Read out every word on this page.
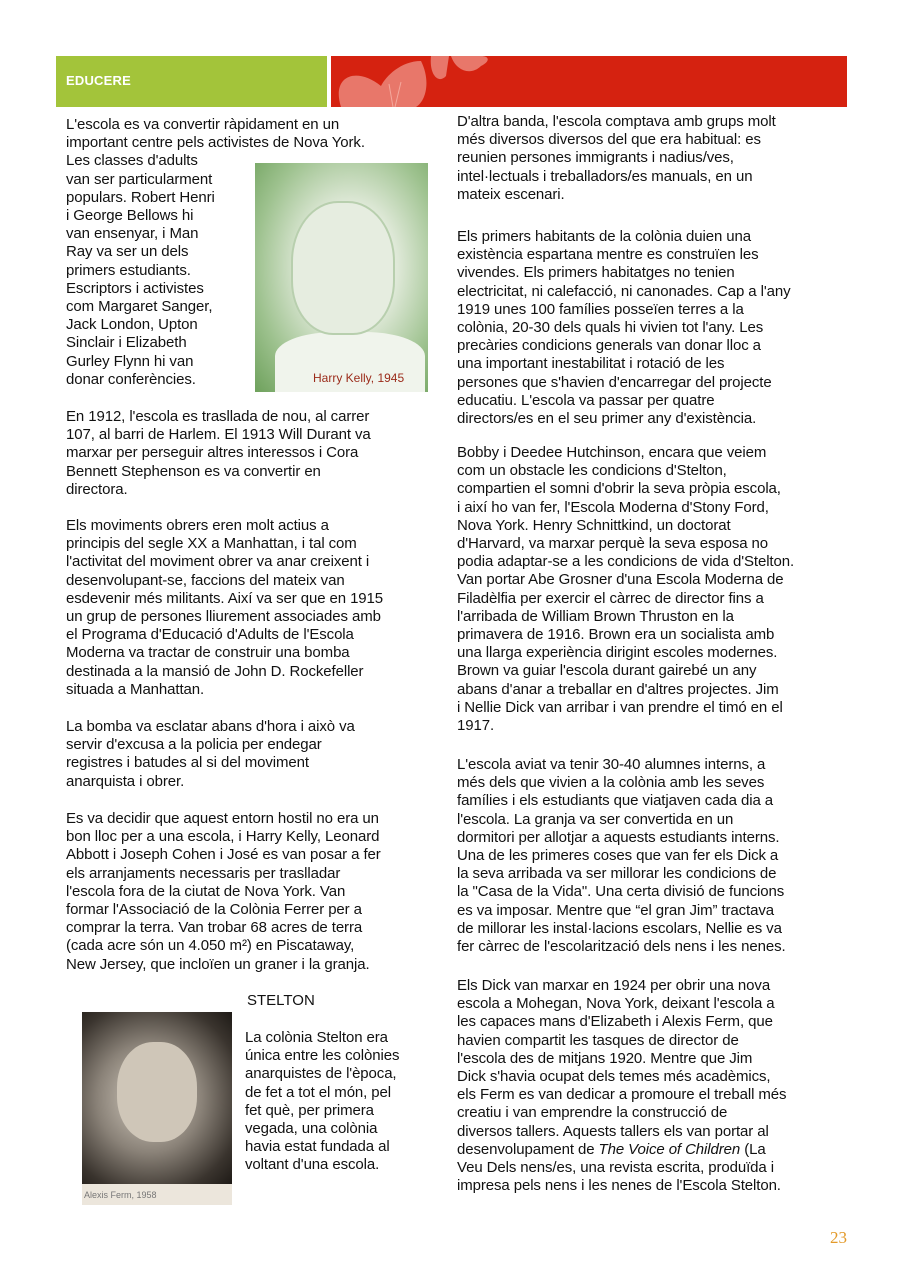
EDUCERE
L'escola es va convertir ràpidament en un
important centre pels activistes de Nova York.
Les classes d'adults
van ser particularment
populars. Robert Henri
i George Bellows hi
van ensenyar, i Man
Ray va ser un dels
primers estudiants.
Escriptors i activistes
com Margaret Sanger,
Jack London, Upton
Sinclair i Elizabeth
Gurley Flynn hi van
donar conferències.	Harry Kelly, 1945
En 1912, l'escola es trasllada de nou, al carrer
107, al barri de Harlem. El 1913 Will Durant va
marxar per perseguir altres interessos i Cora
Bennett Stephenson es va convertir en
directora.
Els moviments obrers eren molt actius a
principis del segle XX a Manhattan, i tal com
l'activitat del moviment obrer va anar creixent i
desenvolupant-se, faccions del mateix van
esdevenir més militants. Així va ser que en 1915
un grup de persones lliurement associades amb
el Programa d'Educació d'Adults de l'Escola
Moderna va tractar de construir una bomba
destinada a la mansió de John D. Rockefeller
situada a Manhattan.
La bomba va esclatar abans d'hora i això va
servir d'excusa a la policia per endegar
registres i batudes al si del moviment
anarquista i obrer.
Es va decidir que aquest entorn hostil no era un
bon lloc per a una escola, i Harry Kelly, Leonard
Abbott i Joseph Cohen i José es van posar a fer
els arranjaments necessaris per traslladar
l'escola fora de la ciutat de Nova York. Van
formar l'Associació de la Colònia Ferrer per a
comprar la terra. Van trobar 68 acres de terra
(cada acre són un 4.050 m²) en Piscataway,
New Jersey, que incloïen un graner i la granja.
STELTON
Alexis Ferm, 1958
La colònia Stelton era
única entre les colònies
anarquistes de l'època,
de fet a tot el món, pel
fet què, per primera
vegada, una colònia
havia estat fundada al
voltant d'una escola.
D'altra banda, l'escola comptava amb grups molt
més diversos diversos del que era habitual: es
reunien persones immigrants i nadius/ves,
intel·lectuals i treballadors/es manuals, en un
mateix escenari.
Els primers habitants de la colònia duien una
existència espartana mentre es construïen les
vivendes. Els primers habitatges no tenien
electricitat, ni calefacció, ni canonades. Cap a l'any
1919 unes 100 famílies posseïen terres a la
colònia, 20-30 dels quals hi vivien tot l'any. Les
precàries condicions generals van donar lloc a
una important inestabilitat i rotació de les
persones que s'havien d'encarregar del projecte
educatiu. L'escola va passar per quatre
directors/es en el seu primer any d'existència.
Bobby i Deedee Hutchinson, encara que veiem
com un obstacle les condicions d'Stelton,
compartien el somni d'obrir la seva pròpia escola,
i així ho van fer, l'Escola Moderna d'Stony Ford,
Nova York. Henry Schnittkind, un doctorat
d'Harvard, va marxar perquè la seva esposa no
podia adaptar-se a les condicions de vida d'Stelton.
Van portar Abe Grosner d'una Escola Moderna de
Filadèlfia per exercir el càrrec de director fins a
l'arribada de William Brown Thruston en la
primavera de 1916. Brown era un socialista amb
una llarga experiència dirigint escoles modernes.
Brown va guiar l'escola durant gairebé un any
abans d'anar a treballar en d'altres projectes. Jim
i Nellie Dick van arribar i van prendre el timó en el
1917.
L'escola aviat va tenir 30-40 alumnes interns, a
més dels que vivien a la colònia amb les seves
famílies i els estudiants que viatjaven cada dia a
l'escola. La granja va ser convertida en un
dormitori per allotjar a aquests estudiants interns.
Una de les primeres coses que van fer els Dick a
la seva arribada va ser millorar les condicions de
la "Casa de la Vida". Una certa divisió de funcions
es va imposar. Mentre que “el gran Jim” tractava
de millorar les instal·lacions escolars, Nellie es va
fer càrrec de l'escolarització dels nens i les nenes.
Els Dick van marxar en 1924 per obrir una nova
escola a Mohegan, Nova York, deixant l'escola a
les capaces mans d'Elizabeth i Alexis Ferm, que
havien compartit les tasques de director de
l'escola des de mitjans 1920. Mentre que Jim
Dick s'havia ocupat dels temes més acadèmics,
els Ferm es van dedicar a promoure el treball més
creatiu i van emprendre la construcció de
diversos tallers. Aquests tallers els van portar al
desenvolupament de The Voice of Children (La
Veu Dels nens/es, una revista escrita, produïda i
impresa pels nens i les nenes de l'Escola Stelton.
23
